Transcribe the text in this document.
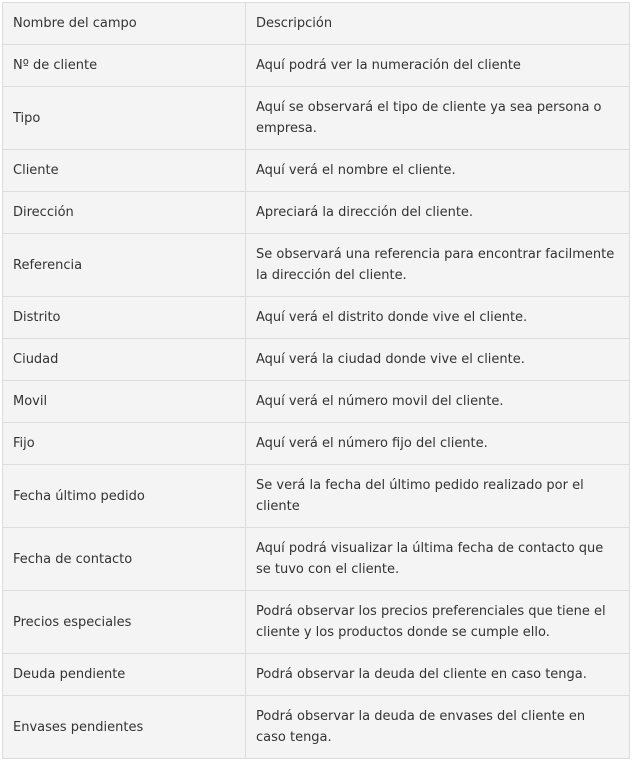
Nombre del campo	Descripción
Nº de cliente	Aquí podrá ver la numeración del cliente
Tipo	Aquí se observará el tipo de cliente ya sea persona o empresa.
Cliente	Aquí verá el nombre el cliente.
Dirección	Apreciará la dirección del cliente.
Referencia	Se observará una referencia para encontrar facilmente la dirección del cliente.
Distrito	Aquí verá el distrito donde vive el cliente.
Ciudad	Aquí verá la ciudad donde vive el cliente.
Movil	Aquí verá el número movil del cliente.
Fijo	Aquí verá el número fijo del cliente.
Fecha último pedido	Se verá la fecha del último pedido realizado por el cliente
Fecha de contacto	Aquí podrá visualizar la última fecha de contacto que se tuvo con el cliente.
Precios especiales	Podrá observar los precios preferenciales que tiene el cliente y los productos donde se cumple ello.
Deuda pendiente	Podrá observar la deuda del cliente en caso tenga.
Envases pendientes	Podrá observar la deuda de envases del cliente en caso tenga.
